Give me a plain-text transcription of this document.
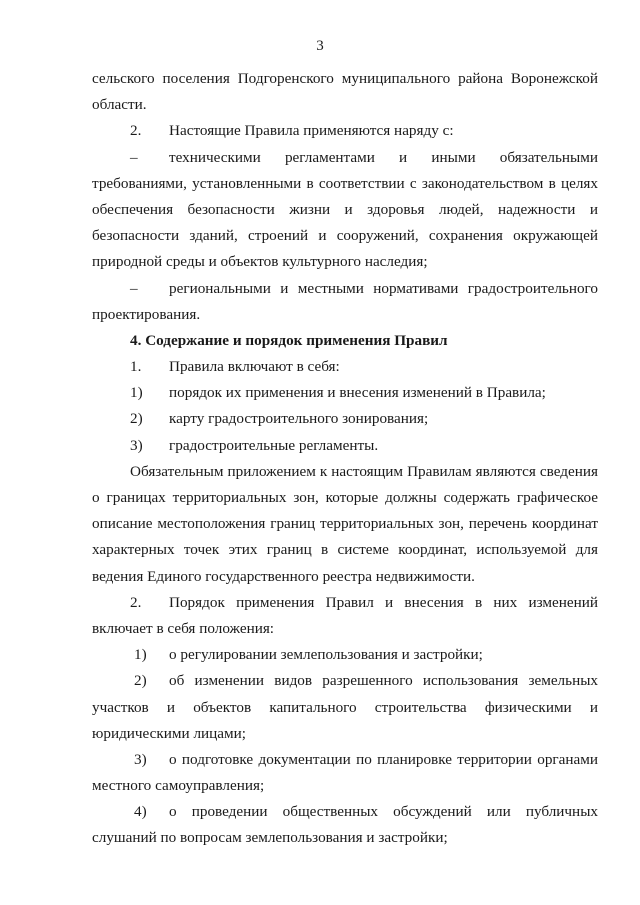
3
сельского поселения Подгоренского муниципального района Воронежской
области.
2.	Настоящие Правила применяются наряду с:
–	техническими регламентами и иными обязательными
требованиями, установленными в соответствии с законодательством в целях
обеспечения безопасности жизни и здоровья людей, надежности и
безопасности зданий, строений и сооружений, сохранения окружающей
природной среды и объектов культурного наследия;
–	региональными и местными нормативами градостроительного
проектирования.
4. Содержание и порядок применения Правил
1.	Правила включают в себя:
1)	порядок их применения и внесения изменений в Правила;
2)	карту градостроительного зонирования;
3)	градостроительные регламенты.
Обязательным приложением к настоящим Правилам являются сведения
о границах территориальных зон, которые должны содержать графическое
описание местоположения границ территориальных зон, перечень координат
характерных точек этих границ в системе координат, используемой для
ведения Единого государственного реестра недвижимости.
2.	Порядок применения Правил и внесения в них изменений
включает в себя положения:
1)	о регулировании землепользования и застройки;
2)	об изменении видов разрешенного использования земельных
участков и объектов капитального строительства физическими и
юридическими лицами;
3)	о подготовке документации по планировке территории органами
местного самоуправления;
4)	о проведении общественных обсуждений или публичных
слушаний по вопросам землепользования и застройки;
